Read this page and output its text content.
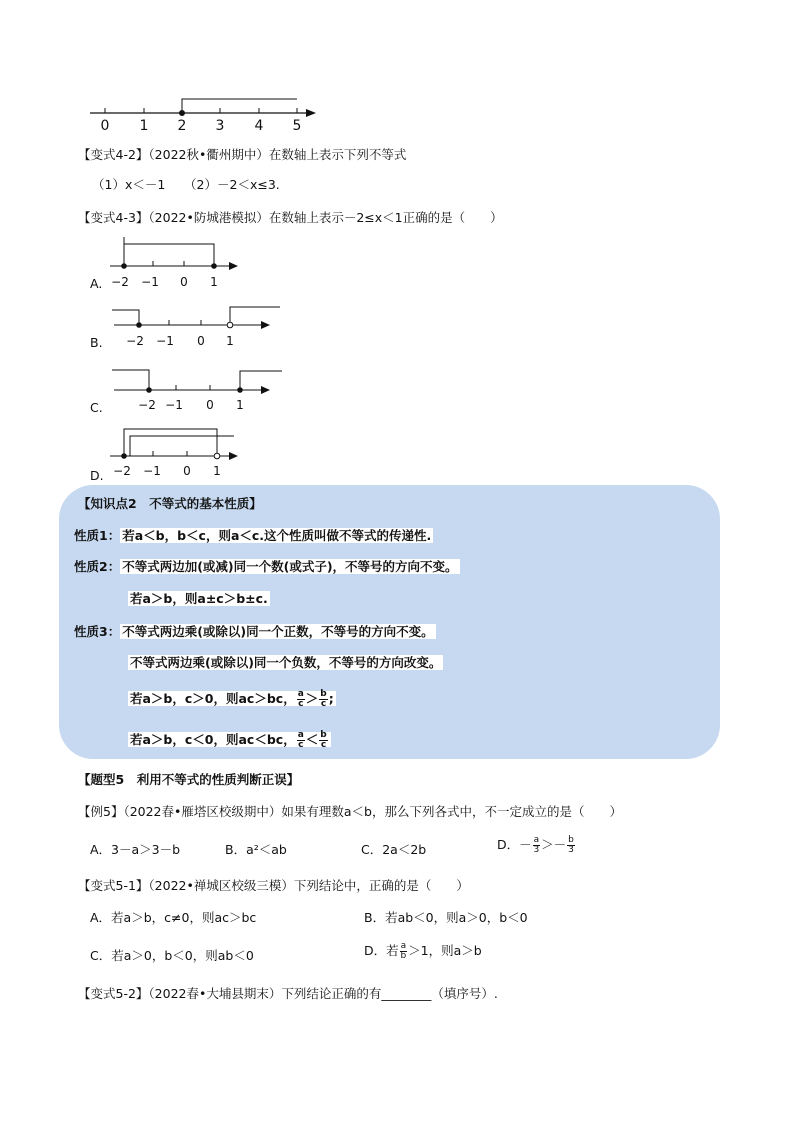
0 1 2 3 4 5
【变式4-2】（2022秋•衢州期中）在数轴上表示下列不等式
（1）x＜－1　　（2）－2＜x≤3.
【变式4-3】（2022•防城港模拟）在数轴上表示－2≤x＜1正确的是（　　）
A. −2 −1 0 1
B. −2 −1 0 1
C.	−2 −1 0 1
D. −2 −1 0 1
【知识点2　不等式的基本性质】
性质1： 若a＜b，b＜c，则a＜c.这个性质叫做不等式的传递性.
性质2： 不等式两边加(或减)同一个数(或式子)，不等号的方向不变。
若a＞b，则a±c＞b±c.
性质3： 不等式两边乘(或除以)同一个正数，不等号的方向不变。
不等式两边乘(或除以)同一个负数，不等号的方向改变。
若a＞b，c＞0，则ac＞bc， $\frac{a}{c} > \frac{b}{c}$ ;
若a＞b，c＜0，则ac＜bc， $\frac{a}{c} < \frac{b}{c}$
【题型5　利用不等式的性质判断正误】
【例5】（2022春•雁塔区校级期中）如果有理数a＜b，那么下列各式中，不一定成立的是（　　）
A．3－a＞3－b	B．a²＜ab	C．2a＜2b	D．－ $\frac{a}{3} >- \frac{b}{3}$
【变式5-1】（2022•禅城区校级三模）下列结论中，正确的是（　　）
A．若a＞b，c≠0，则ac＞bc	B．若ab＜0，则a＞0，b＜0
C．若a＞0，b＜0，则ab＜0	D．若 $\frac{a}{b} >1$，则a＞b
【变式5-2】（2022春•大埔县期末）下列结论正确的有________（填序号）.
